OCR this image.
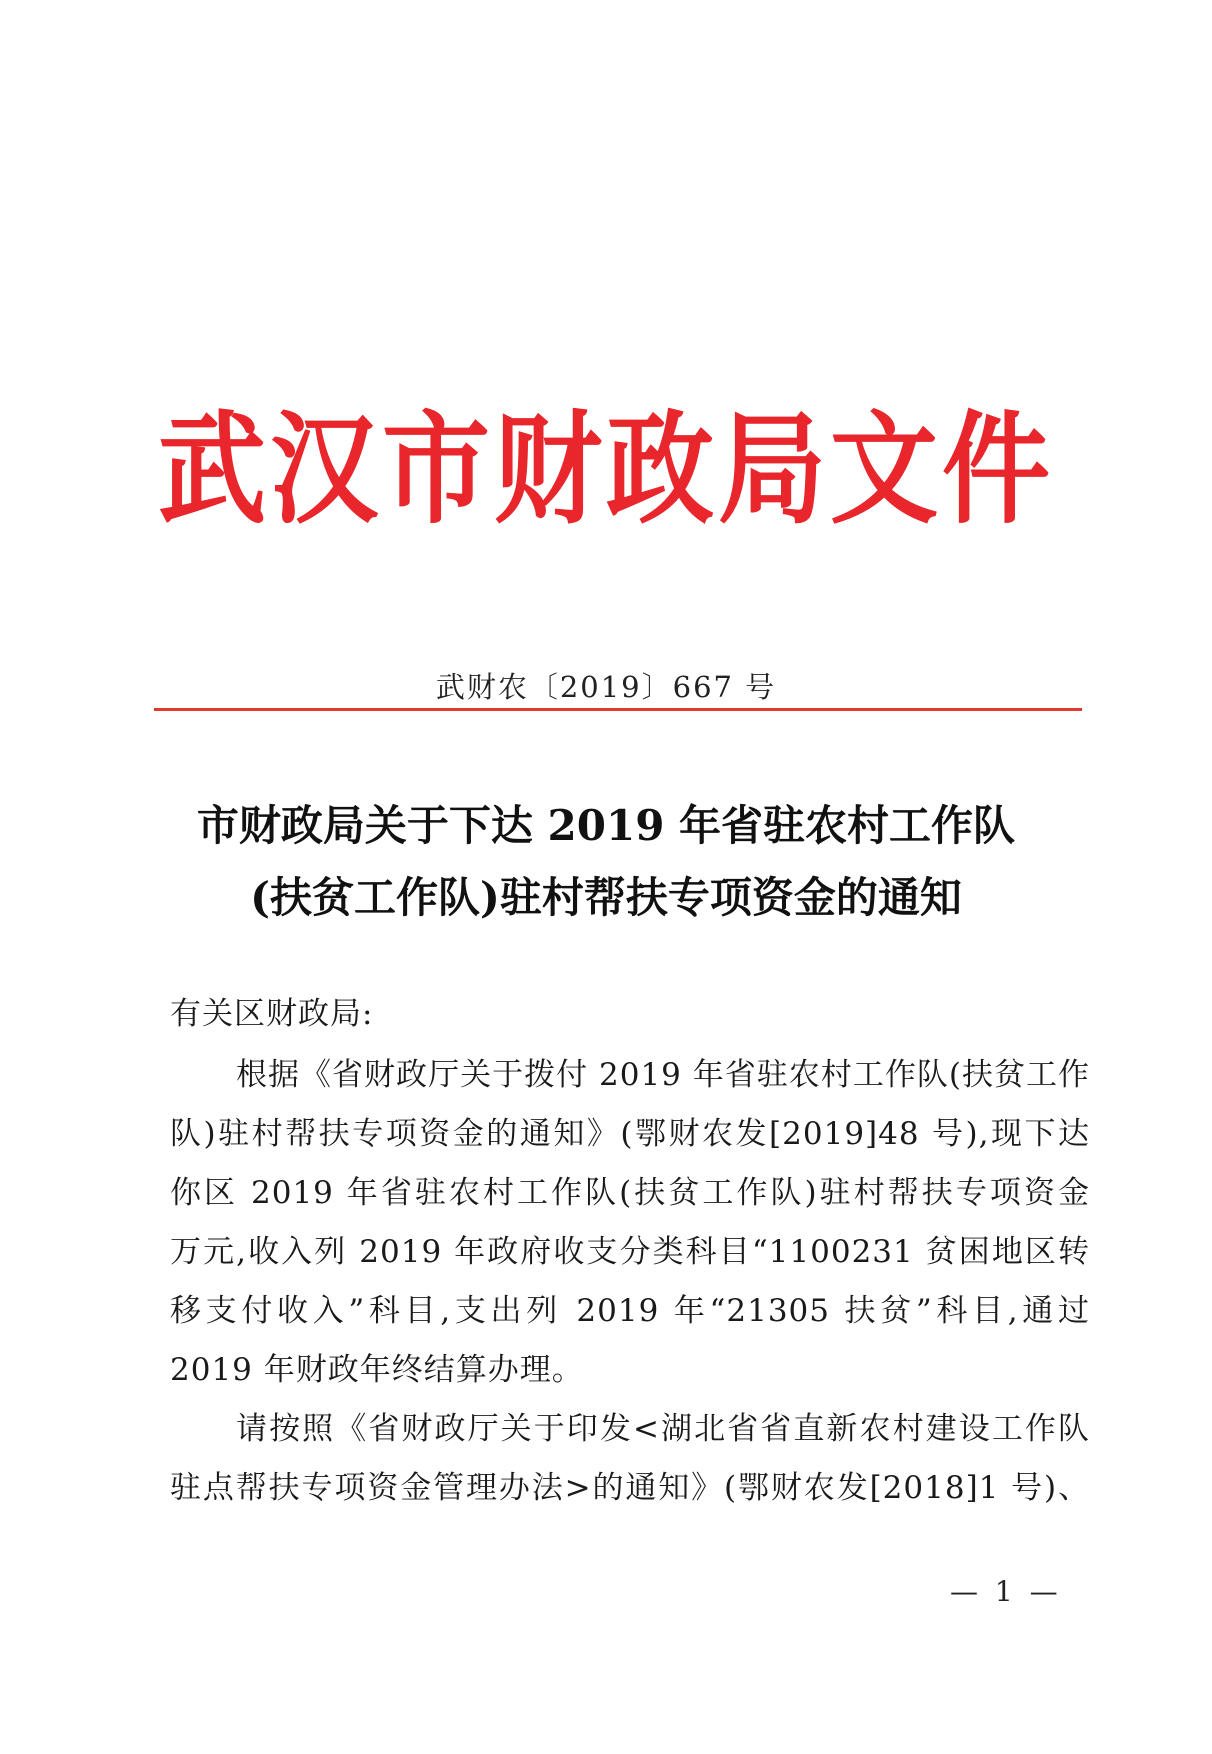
武汉市财政局文件
武财农〔2019〕667 号
市财政局关于下达 2019 年省驻农村工作队
(扶贫工作队)驻村帮扶专项资金的通知
有关区财政局:
根据《省财政厅关于拨付 2019 年省驻农村工作队(扶贫工作
队)驻村帮扶专项资金的通知》(鄂财农发[2019]48 号),现下达
你区 2019 年省驻农村工作队(扶贫工作队)驻村帮扶专项资金
万元,收入列 2019 年政府收支分类科目“1100231 贫困地区转
移支付收入”科目,支出列 2019 年“21305 扶贫”科目,通过
2019 年财政年终结算办理。
请按照《省财政厅关于印发<湖北省省直新农村建设工作队
驻点帮扶专项资金管理办法>的通知》(鄂财农发[2018]1 号)、
— 1 —
